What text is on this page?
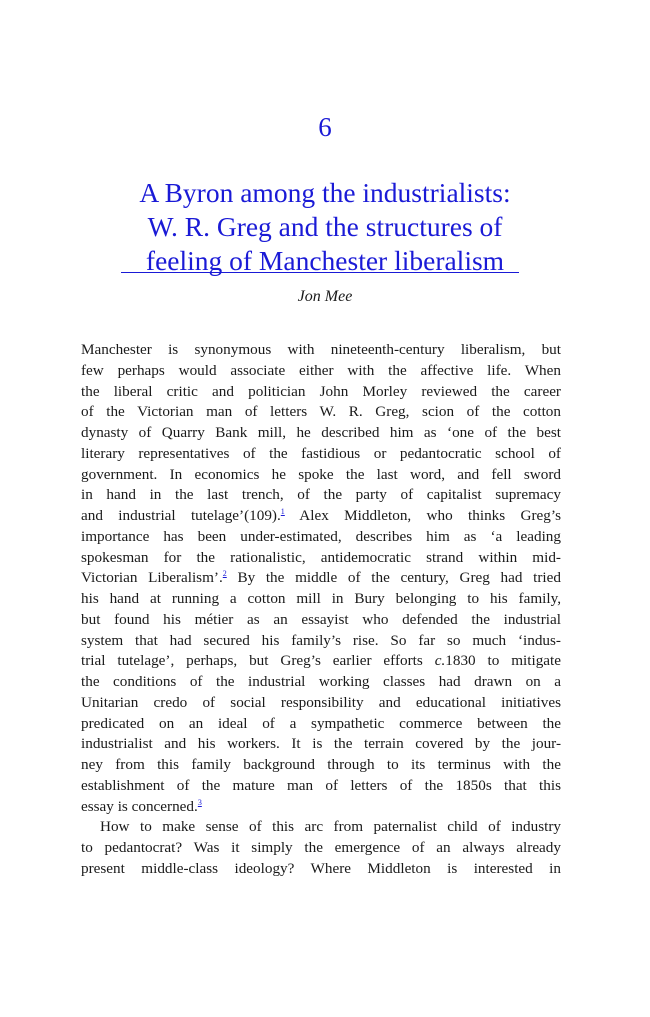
6
A Byron among the industrialists:
W. R. Greg and the structures of
feeling of Manchester liberalism
Jon Mee
Manchester is synonymous with nineteenth-century liberalism, but
few perhaps would associate either with the affective life. When
the liberal critic and politician John Morley reviewed the career
of the Victorian man of letters W. R. Greg, scion of the cotton
dynasty of Quarry Bank mill, he described him as ‘one of the best
literary representatives of the fastidious or pedantocratic school of
government. In economics he spoke the last word, and fell sword
in hand in the last trench, of the party of capitalist supremacy
and industrial tutelage’(109).$^1$ Alex Middleton, who thinks Greg’s
importance has been under-estimated, describes him as ‘a leading
spokesman for the rationalistic, antidemocratic strand within mid-
Victorian Liberalism’.$^2$ By the middle of the century, Greg had tried
his hand at running a cotton mill in Bury belonging to his family,
but found his métier as an essayist who defended the industrial
system that had secured his family’s rise. So far so much ‘indus-
trial tutelage’, perhaps, but Greg’s earlier efforts c.1830 to mitigate
the conditions of the industrial working classes had drawn on a
Unitarian credo of social responsibility and educational initiatives
predicated on an ideal of a sympathetic commerce between the
industrialist and his workers. It is the terrain covered by the jour-
ney from this family background through to its terminus with the
establishment of the mature man of letters of the 1850s that this
essay is concerned.$^3$
How to make sense of this arc from paternalist child of industry
to pedantocrat? Was it simply the emergence of an always already
present middle-class ideology? Where Middleton is interested in
